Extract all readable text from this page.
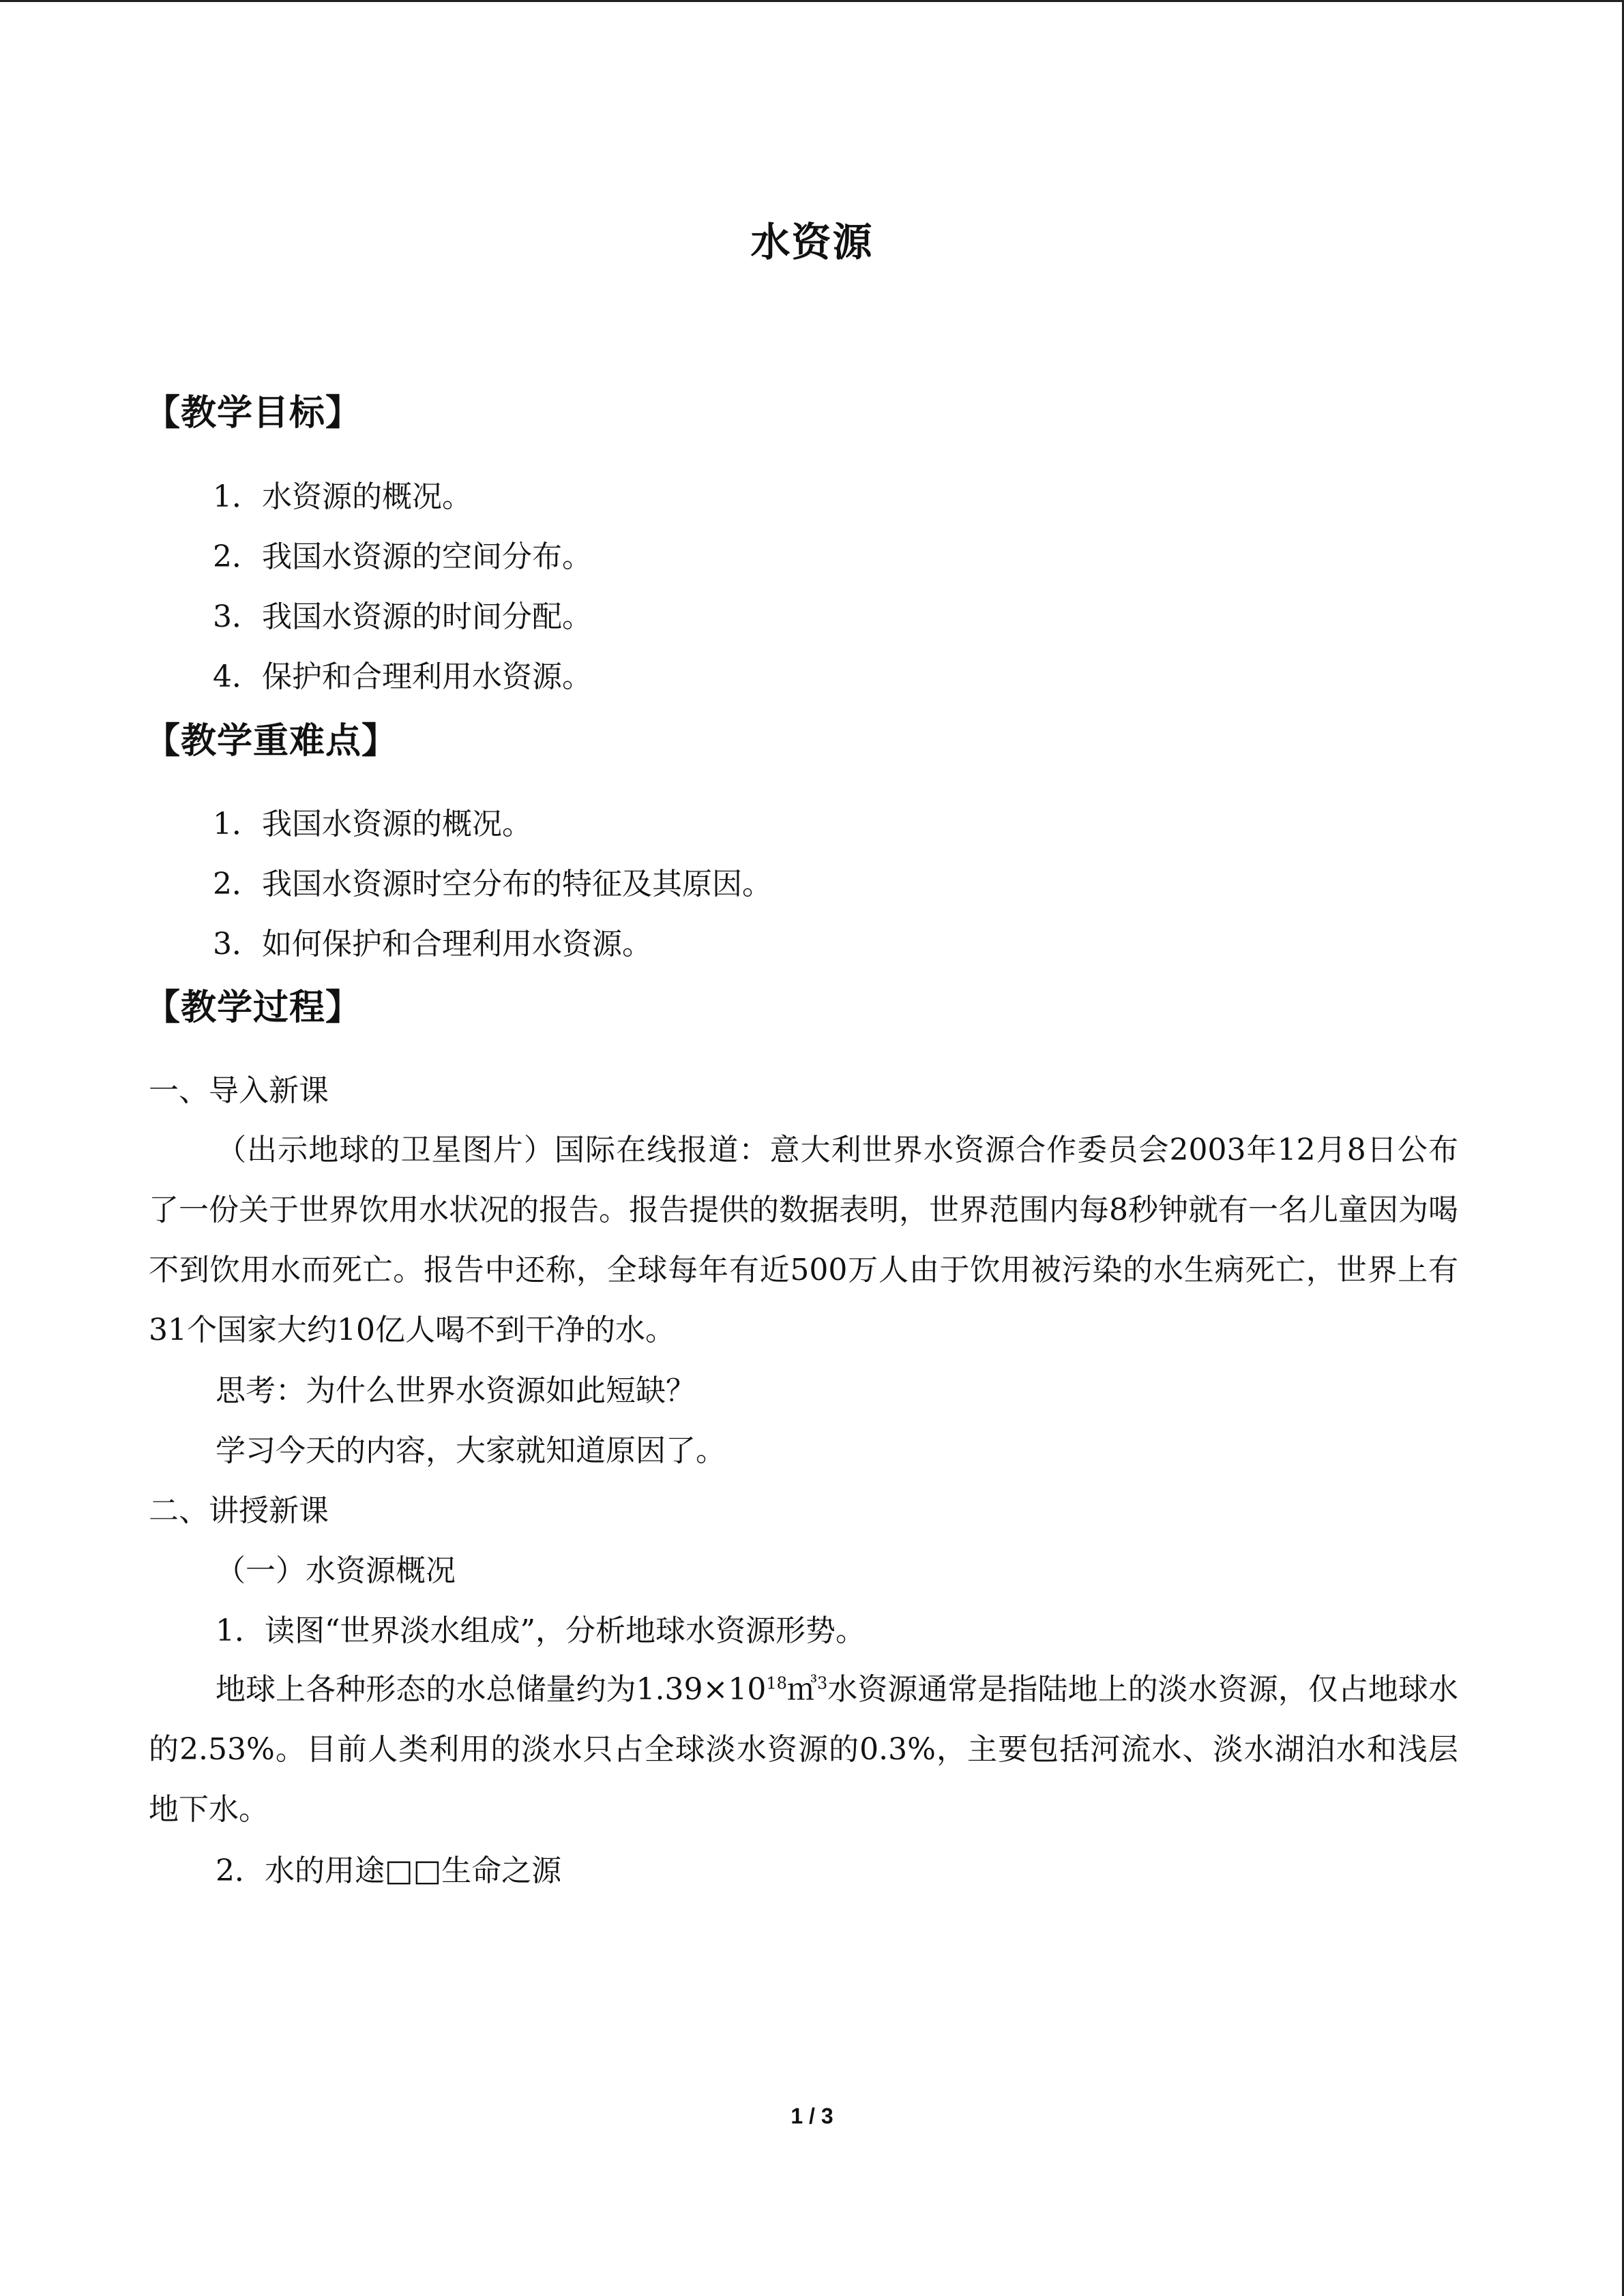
水资源
【教学目标】
1．水资源的概况。
2．我国水资源的空间分布。
3．我国水资源的时间分配。
4．保护和合理利用水资源。
【教学重难点】
1．我国水资源的概况。
2．我国水资源时空分布的特征及其原因。
3．如何保护和合理利用水资源。
【教学过程】
一、导入新课
（出示地球的卫星图片）国际在线报道：意大利世界水资源合作委员会2003年12月8日公布了一份关于世界饮用水状况的报告。报告提供的数据表明，世界范围内每8秒钟就有一名儿童因为喝不到饮用水而死亡。报告中还称，全球每年有近500万人由于饮用被污染的水生病死亡，世界上有31个国家大约10亿人喝不到干净的水。
思考：为什么世界水资源如此短缺？
学习今天的内容，大家就知道原因了。
二、讲授新课
（一）水资源概况
1．读图“世界淡水组成”，分析地球水资源形势。
地球上各种形态的水总储量约为$1.39\times 10^{18}㎥^3$水资源通常是指陆地上的淡水资源，仅占地球水的2.53%。目前人类利用的淡水只占全球淡水资源的0.3%，主要包括河流水、淡水湖泊水和浅层地下水。
2．水的用途□□生命之源
1 / 3
